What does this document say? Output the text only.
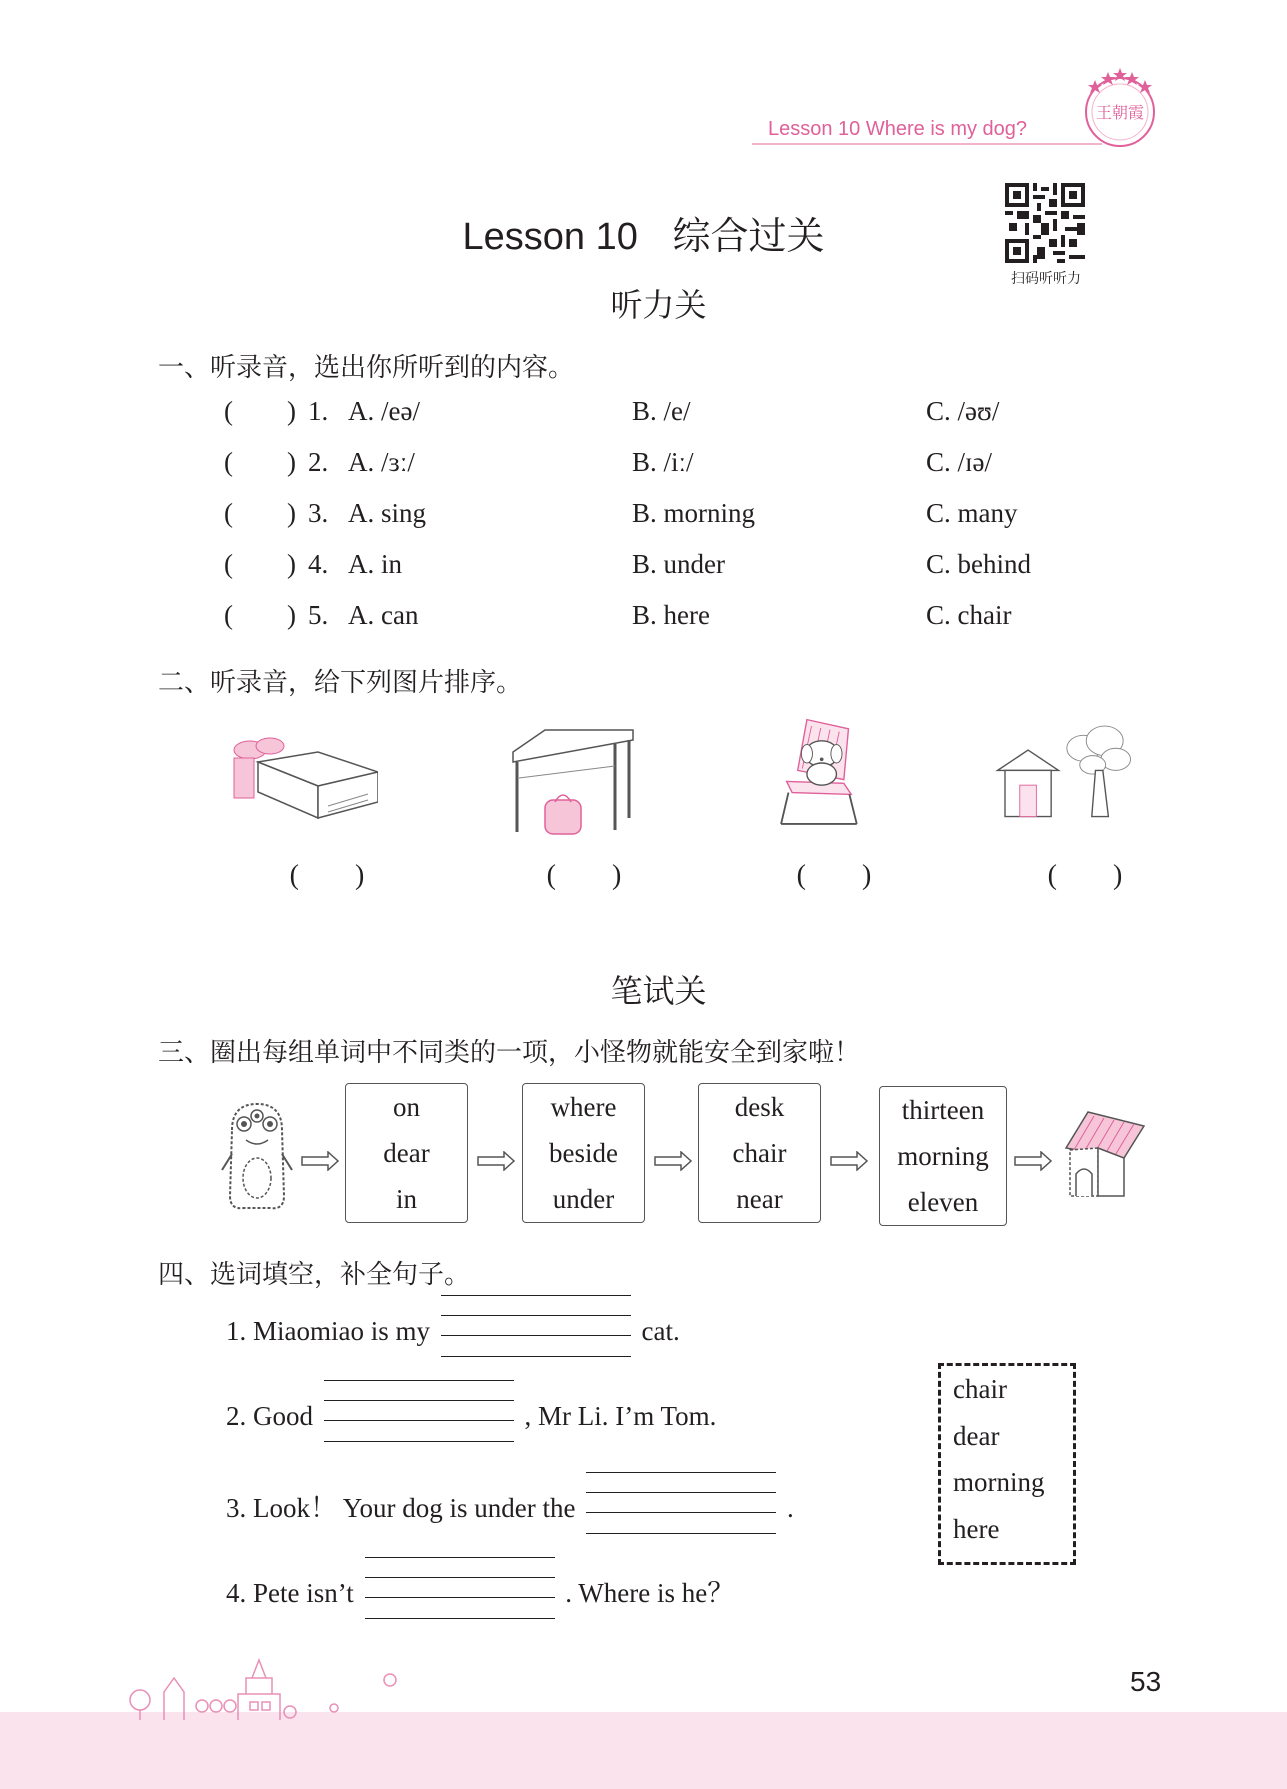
Lesson 10 Where is my dog?
王朝霞
Lesson 10 综合过关
扫码听听力
听力关
一、听录音，选出你所听到的内容。
(        ) 1. A. /eə/	B. /e/	C. /əʊ/
(        ) 2. A. /ɜː/	B. /iː/	C. /ɪə/
(        ) 3. A. sing	B. morning	C. many
(        ) 4. A. in	B. under	C. behind
(        ) 5. A. can	B. here	C. chair
二、听录音，给下列图片排序。
(        )	(        )	(        )	(        )
笔试关
三、圈出每组单词中不同类的一项，小怪物就能安全到家啦！
on
dear
in
where
beside
under
desk
chair
near
thirteen
morning
eleven
四、选词填空，补全句子。
1. Miaomiao is my	cat.
2. Good	, Mr Li. I’m Tom.
3. Look！ Your dog is under the	.
4. Pete isn’t	. Where is he？
chair
dear
morning
here
53
